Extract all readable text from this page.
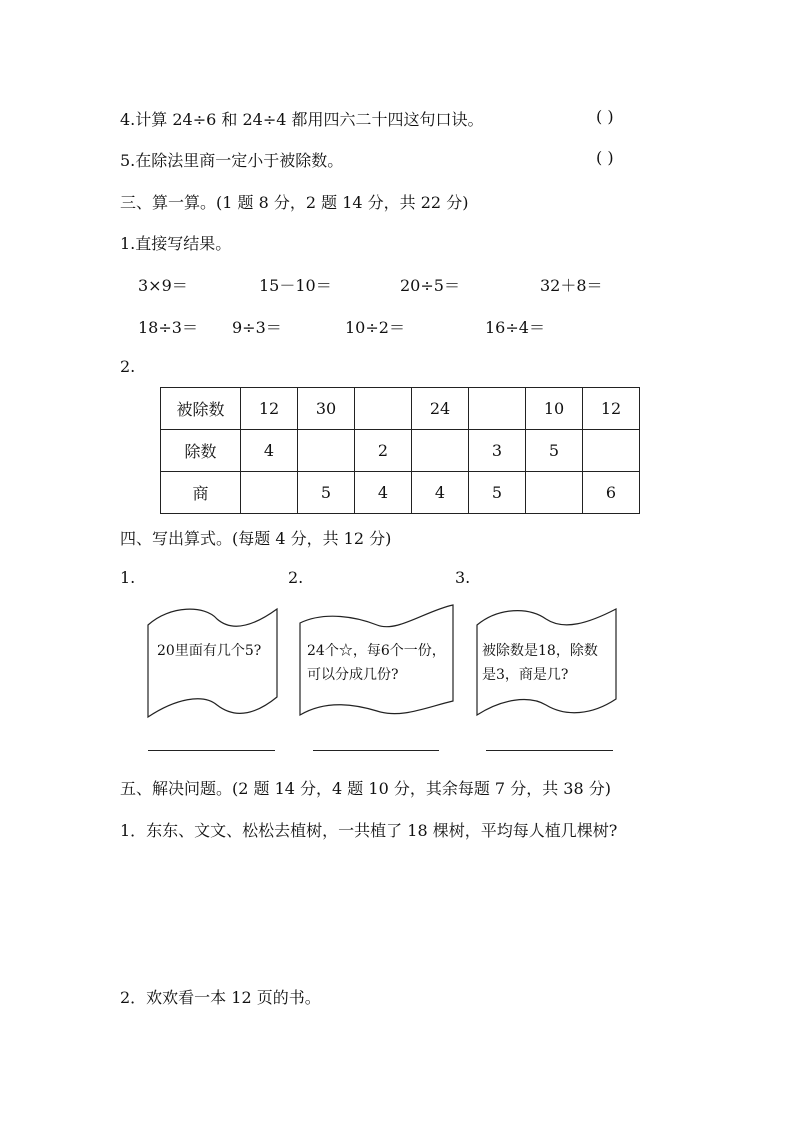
4.计算 24÷6 和 24÷4 都用四六二十四这句口诀。	( )
5.在除法里商一定小于被除数。	( )
三、算一算。(1 题 8 分，2 题 14 分，共 22 分)
1.直接写结果。
3×9＝	15－10＝	20÷5＝	32＋8＝
18÷3＝ 9÷3＝	10÷2＝	16÷4＝
2.
被除数	12	30		24		10	12
除数	4		2		3	5	
商		5	4	4	5		6
四、写出算式。(每题 4 分，共 12 分)
1.	2.	3.
20里面有几个5?	24个☆，每6个一份，
可以分成几份?
被除数是18，除数
是3，商是几?
五、解决问题。(2 题 14 分，4 题 10 分，其余每题 7 分，共 38 分)
1．东东、文文、松松去植树，一共植了 18 棵树，平均每人植几棵树?
2．欢欢看一本 12 页的书。
